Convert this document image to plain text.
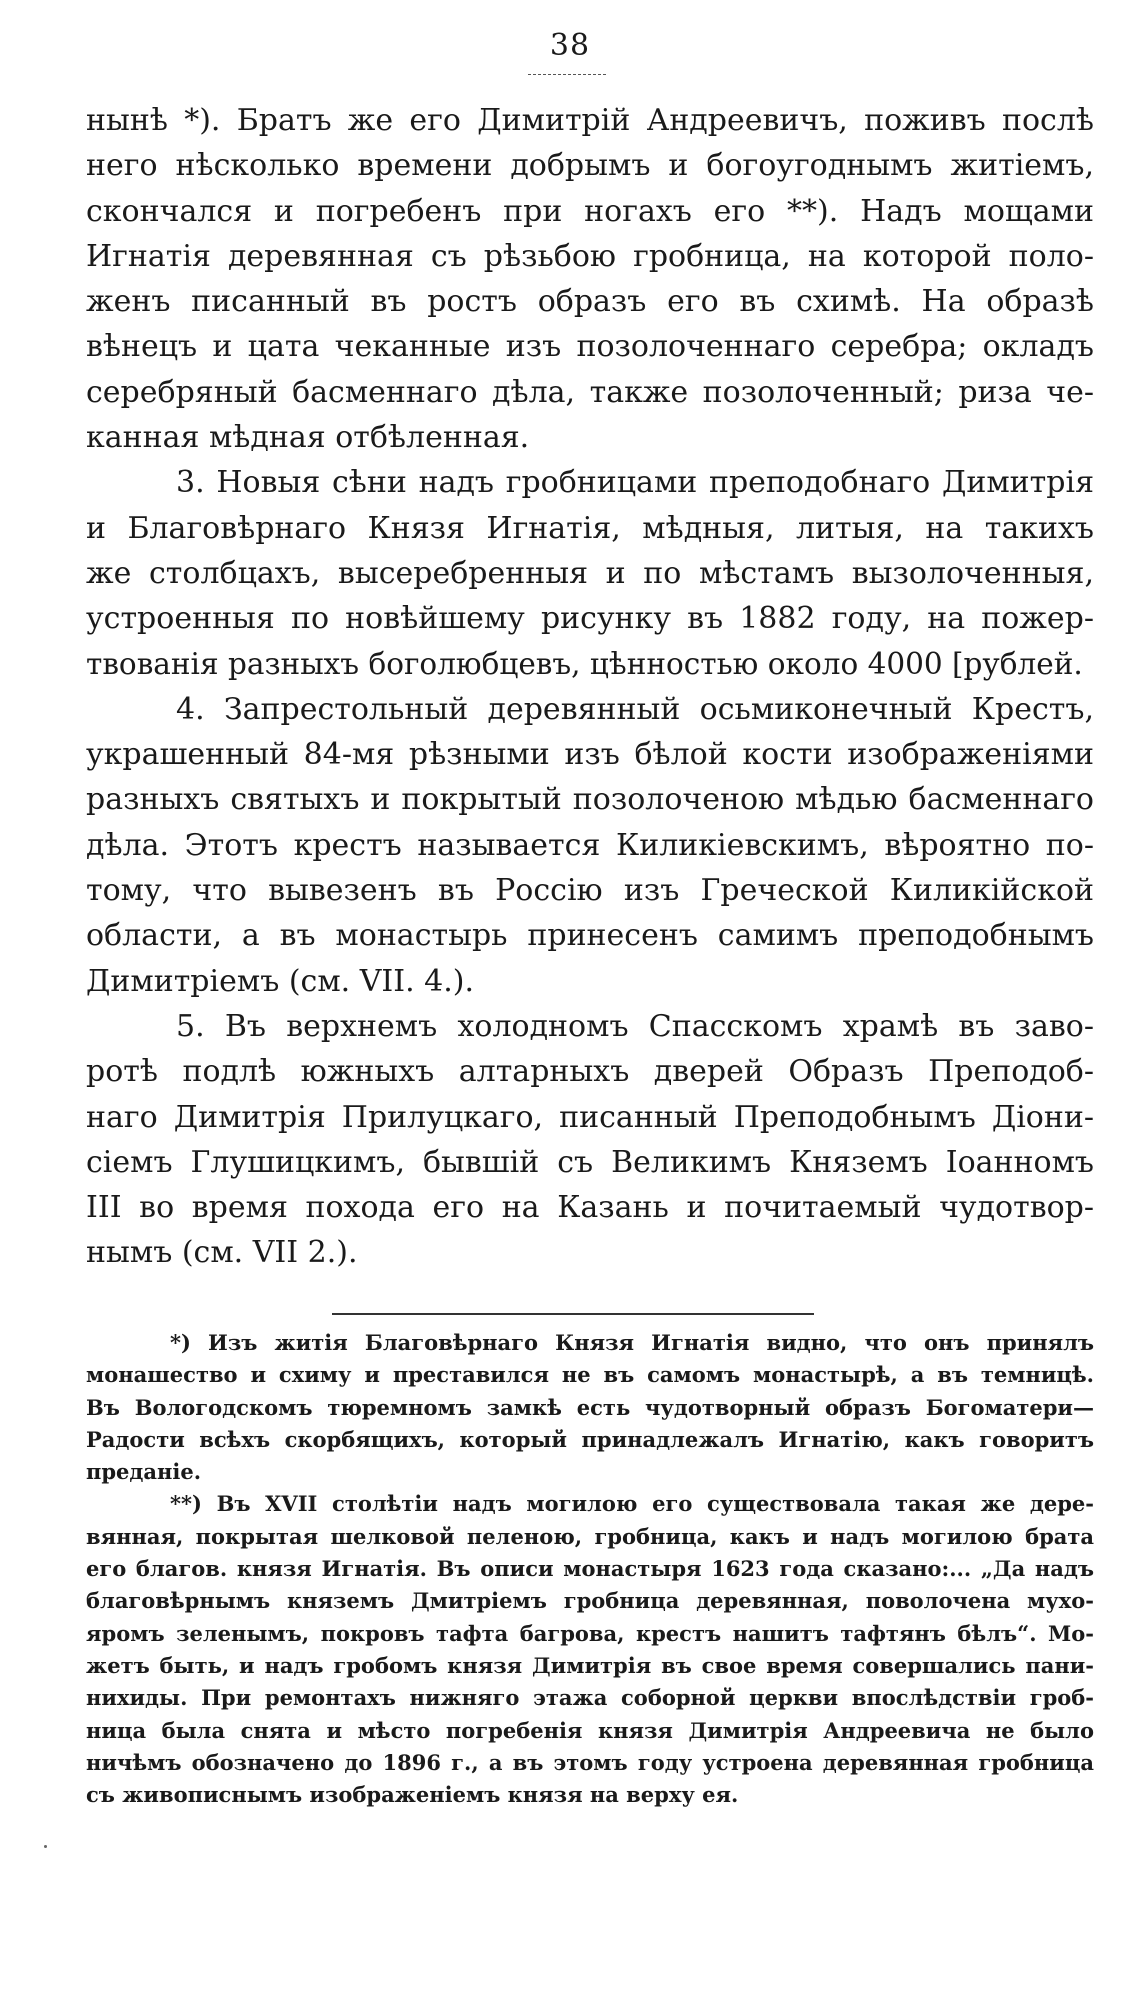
38
нынѣ *). Братъ же его Димитрій Андреевичъ, поживъ послѣ
него нѣсколько времени добрымъ и богоугоднымъ житіемъ,
скончался и погребенъ при ногахъ его **). Надъ мощами
Игнатія деревянная съ рѣзьбою гробница, на которой поло-
женъ писанный въ ростъ образъ его въ схимѣ. На образѣ
вѣнецъ и цата чеканные изъ позолоченнаго серебра; окладъ
серебряный басменнаго дѣла, также позолоченный; риза че-
канная мѣдная отбѣленная.
3. Новыя сѣни надъ гробницами преподобнаго Димитрія
и Благовѣрнаго Князя Игнатія, мѣдныя, литыя, на такихъ
же столбцахъ, высеребренныя и по мѣстамъ вызолоченныя,
устроенныя по новѣйшему рисунку въ 1882 году, на пожер-
твованія разныхъ боголюбцевъ, цѣнностью около 4000 [рублей.
4. Запрестольный деревянный осьмиконечный Крестъ,
украшенный 84-мя рѣзными изъ бѣлой кости изображеніями
разныхъ святыхъ и покрытый позолоченою мѣдью басменнаго
дѣла. Этотъ крестъ называется Киликіевскимъ, вѣроятно по-
тому, что вывезенъ въ Россію изъ Греческой Киликійской
области, а въ монастырь принесенъ самимъ преподобнымъ
Димитріемъ (см. VII. 4.).
5. Въ верхнемъ холодномъ Спасскомъ храмѣ въ заво-
ротѣ подлѣ южныхъ алтарныхъ дверей Образъ Преподоб-
наго Димитрія Прилуцкаго, писанный Преподобнымъ Діони-
сіемъ Глушицкимъ, бывшій съ Великимъ Княземъ Іоанномъ
III во время похода его на Казань и почитаемый чудотвор-
нымъ (см. VII 2.).
*) Изъ житія Благовѣрнаго Князя Игнатія видно, что онъ принялъ
монашество и схиму и преставился не въ самомъ монастырѣ, а въ темницѣ.
Въ Вологодскомъ тюремномъ замкѣ есть чудотворный образъ Богоматери—
Радости всѣхъ скорбящихъ, который принадлежалъ Игнатію, какъ говоритъ
преданіе.
**) Въ XVII столѣтіи надъ могилою его существовала такая же дере-
вянная, покрытая шелковой пеленою, гробница, какъ и надъ могилою брата
его благов. князя Игнатія. Въ описи монастыря 1623 года сказано:... „Да надъ
благовѣрнымъ княземъ Дмитріемъ гробница деревянная, поволочена мухо-
яромъ зеленымъ, покровъ тафта багрова, крестъ нашитъ тафтянъ бѣлъ“. Мо-
жетъ быть, и надъ гробомъ князя Димитрія въ свое время совершались пани-
нихиды. При ремонтахъ нижняго этажа соборной церкви впослѣдствіи гроб-
ница была снята и мѣсто погребенія князя Димитрія Андреевича не было
ничѣмъ обозначено до 1896 г., а въ этомъ году устроена деревянная гробница
съ живописнымъ изображеніемъ князя на верху ея.
